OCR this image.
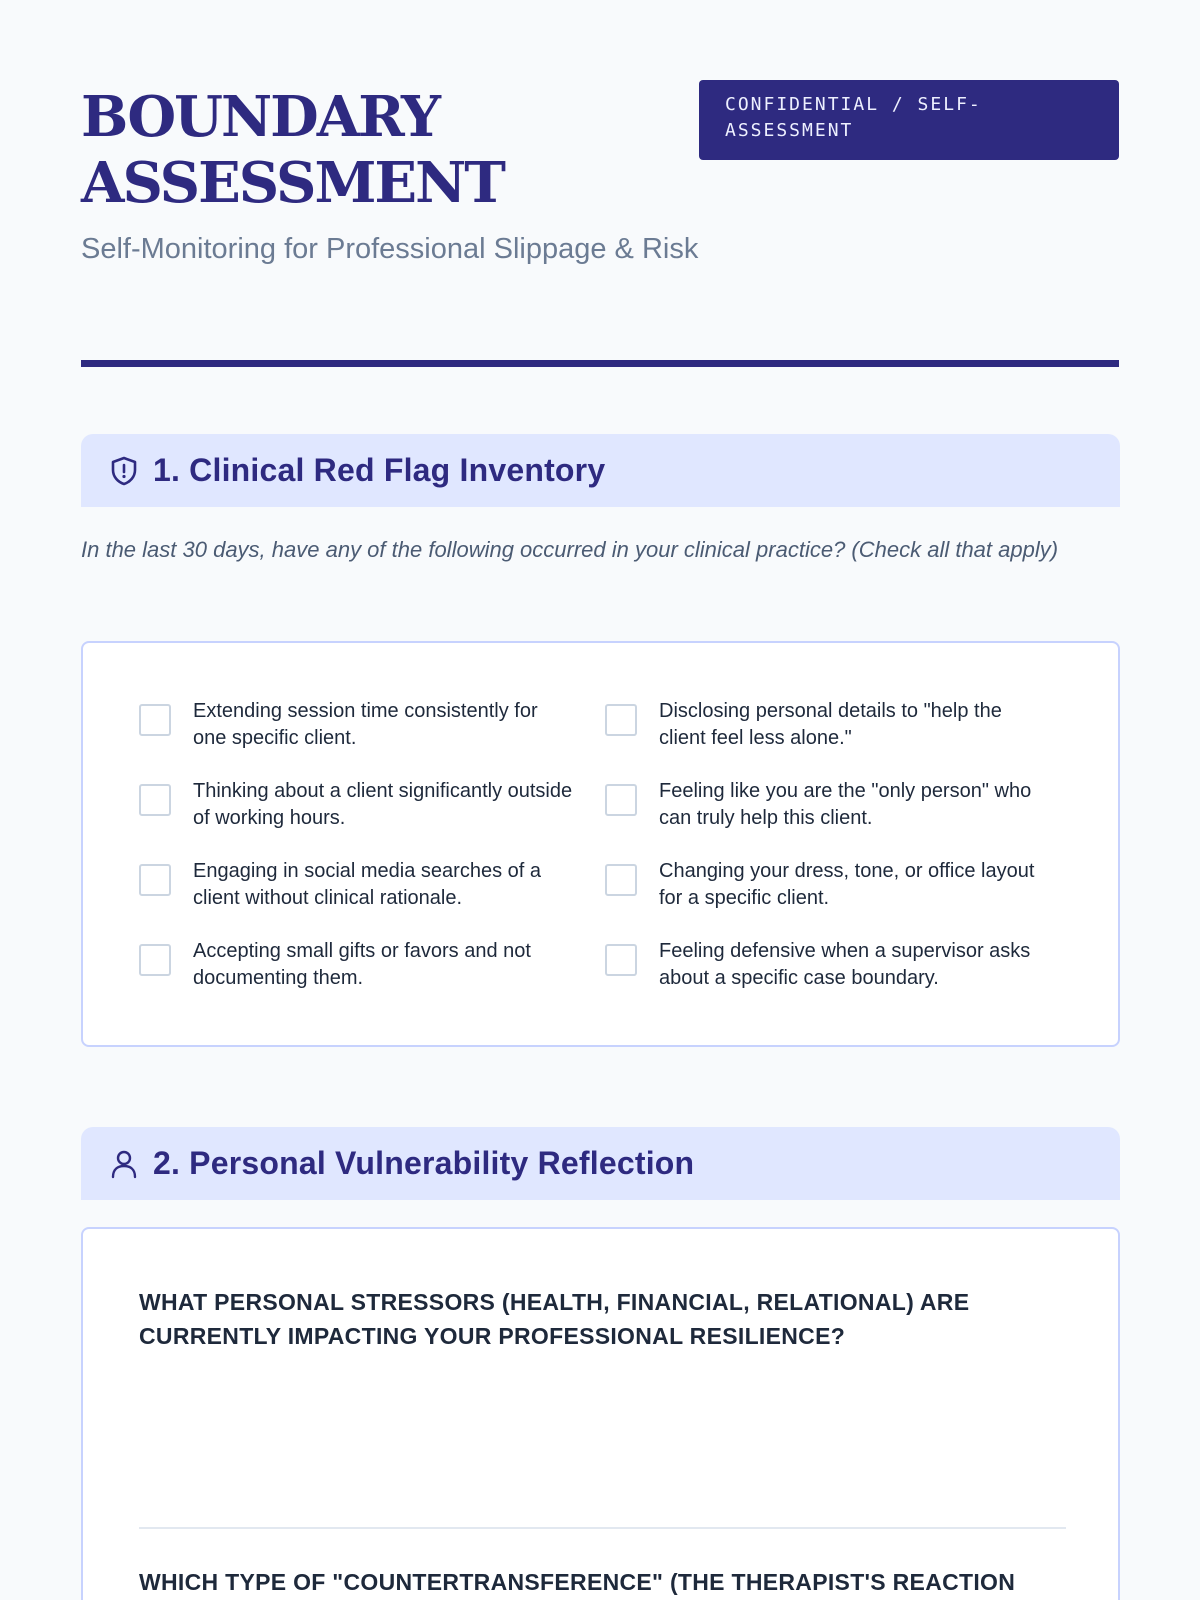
BOUNDARY ASSESSMENT
Self-Monitoring for Professional Slippage & Risk
CONFIDENTIAL / SELF-ASSESSMENT
1. Clinical Red Flag Inventory

In the last 30 days, have any of the following occurred in your clinical practice? (Check all that apply)

Extending session time consistently for one specific client.
Disclosing personal details to "help the client feel less alone."
Thinking about a client significantly outside of working hours.
Feeling like you are the "only person" who can truly help this client.
Engaging in social media searches of a client without clinical rationale.
Changing your dress, tone, or office layout for a specific client.
Accepting small gifts or favors and not documenting them.
Feeling defensive when a supervisor asks about a specific case boundary.
2. Personal Vulnerability Reflection
WHAT PERSONAL STRESSORS (HEALTH, FINANCIAL, RELATIONAL) ARE CURRENTLY IMPACTING YOUR PROFESSIONAL RESILIENCE?
WHICH TYPE OF "COUNTERTRANSFERENCE" (THE THERAPIST'S REACTION
